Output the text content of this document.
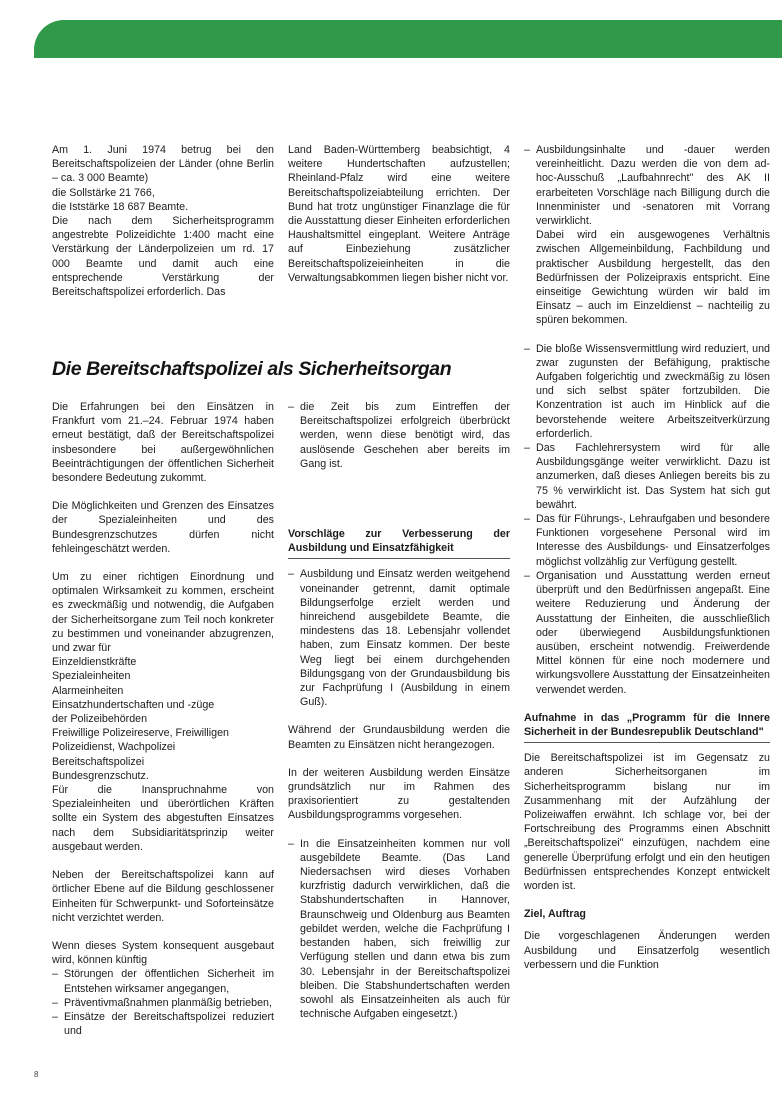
Am 1. Juni 1974 betrug bei den Bereitschaftspolizeien der Länder (ohne Berlin – ca. 3 000 Beamte)

die Sollstärke 21 766,
die Iststärke 18 687 Beamte.

Die nach dem Sicherheitsprogramm angestrebte Polizeidichte 1:400 macht eine Verstärkung der Länderpolizeien um rd. 17 000 Beamte und damit auch eine entsprechende Verstärkung der Bereitschaftspolizei erforderlich. Das

Land Baden-Württemberg beabsichtigt, 4 weitere Hundertschaften aufzustellen; Rheinland-Pfalz wird eine weitere Bereitschaftspolizeiabteilung errichten. Der Bund hat trotz ungünstiger Finanzlage die für die Ausstattung dieser Einheiten erforderlichen Haushaltsmittel eingeplant. Weitere Anträge auf Einbeziehung zusätzlicher Bereitschaftspolizeieinheiten in die Verwaltungsabkommen liegen bisher nicht vor.

Die Bereitschaftspolizei als Sicherheitsorgan

Die Erfahrungen bei den Einsätzen in Frankfurt vom 21.–24. Februar 1974 haben erneut bestätigt, daß der Bereitschaftspolizei insbesondere bei außergewöhnlichen Beeinträchtigungen der öffentlichen Sicherheit besondere Bedeutung zukommt.

Die Möglichkeiten und Grenzen des Einsatzes der Spezialeinheiten und des Bundesgrenzschutzes dürfen nicht fehleingeschätzt werden.

Um zu einer richtigen Einordnung und optimalen Wirksamkeit zu kommen, erscheint es zweckmäßig und notwendig, die Aufgaben der Sicherheitsorgane zum Teil noch konkreter zu bestimmen und voneinander abzugrenzen, und zwar für

Einzeldienstkräfte
Spezialeinheiten
Alarmeinheiten
Einsatzhundertschaften und -züge
der Polizeibehörden
Freiwillige Polizeireserve, Freiwilligen
Polizeidienst, Wachpolizei
Bereitschaftspolizei
Bundesgrenzschutz.

Für die Inanspruchnahme von Spezialeinheiten und überörtlichen Kräften sollte ein System des abgestuften Einsatzes nach dem Subsidiaritätsprinzip weiter ausgebaut werden.

Neben der Bereitschaftspolizei kann auf örtlicher Ebene auf die Bildung geschlossener Einheiten für Schwerpunkt- und Soforteinsätze nicht verzichtet werden.

Wenn dieses System konsequent ausgebaut wird, können künftig

– Störungen der öffentlichen Sicherheit im Entstehen wirksamer angegangen,
– Präventivmaßnahmen planmäßig betrieben,
– Einsätze der Bereitschaftspolizei reduziert und
– die Zeit bis zum Eintreffen der Bereitschaftspolizei erfolgreich überbrückt werden, wenn diese benötigt wird, das auslösende Geschehen aber bereits im Gang ist.
Vorschläge zur Verbesserung der Ausbildung und Einsatzfähigkeit
– Ausbildung und Einsatz werden weitgehend voneinander getrennt, damit optimale Bildungserfolge erzielt werden und hinreichend ausgebildete Beamte, die mindestens das 18. Lebensjahr vollendet haben, zum Einsatz kommen. Der beste Weg liegt bei einem durchgehenden Bildungsgang von der Grundausbildung bis zur Fachprüfung I (Ausbildung in einem Guß).

Während der Grundausbildung werden die Beamten zu Einsätzen nicht herangezogen.

In der weiteren Ausbildung werden Einsätze grundsätzlich nur im Rahmen des praxisorientiert zu gestaltenden Ausbildungsprogramms vorgesehen.

– In die Einsatzeinheiten kommen nur voll ausgebildete Beamte. (Das Land Niedersachsen wird dieses Vorhaben kurzfristig dadurch verwirklichen, daß die Stabshundertschaften in Hannover, Braunschweig und Oldenburg aus Beamten gebildet werden, welche die Fachprüfung I bestanden haben, sich freiwillig zur Verfügung stellen und dann etwa bis zum 30. Lebensjahr in der Bereitschaftspolizei bleiben. Die Stabshundertschaften werden sowohl als Einsatzeinheiten als auch für technische Aufgaben eingesetzt.)
– Ausbildungsinhalte und -dauer werden vereinheitlicht. Dazu werden die von dem ad-hoc-Ausschuß „Laufbahnrecht" des AK II erarbeiteten Vorschläge nach Billigung durch die Innenminister und -senatoren mit Vorrang verwirklicht.

Dabei wird ein ausgewogenes Verhältnis zwischen Allgemeinbildung, Fachbildung und praktischer Ausbildung hergestellt, das den Bedürfnissen der Polizeipraxis entspricht. Eine einseitige Gewichtung würden wir bald im Einsatz – auch im Einzeldienst – nachteilig zu spüren bekommen.

– Die bloße Wissensvermittlung wird reduziert, und zwar zugunsten der Befähigung, praktische Aufgaben folgerichtig und zweckmäßig zu lösen und sich selbst später fortzubilden. Die Konzentration ist auch im Hinblick auf die bevorstehende weitere Arbeitszeitverkürzung erforderlich.
– Das Fachlehrersystem wird für alle Ausbildungsgänge weiter verwirklicht. Dazu ist anzumerken, daß dieses Anliegen bereits bis zu 75 % verwirklicht ist. Das System hat sich gut bewährt.
– Das für Führungs-, Lehraufgaben und besondere Funktionen vorgesehene Personal wird im Interesse des Ausbildungs- und Einsatzerfolges möglichst vollzählig zur Verfügung gestellt.
– Organisation und Ausstattung werden erneut überprüft und den Bedürfnissen angepaßt. Eine weitere Reduzierung und Änderung der Ausstattung der Einheiten, die ausschließlich oder überwiegend Ausbildungsfunktionen ausüben, erscheint notwendig. Freiwerdende Mittel können für eine noch modernere und wirkungsvollere Ausstattung der Einsatzeinheiten verwendet werden.
Aufnahme in das „Programm für die Innere Sicherheit in der Bundesrepublik Deutschland"

Die Bereitschaftspolizei ist im Gegensatz zu anderen Sicherheitsorganen im Sicherheitsprogramm bislang nur im Zusammenhang mit der Aufzählung der Polizeiwaffen erwähnt. Ich schlage vor, bei der Fortschreibung des Programms einen Abschnitt „Bereitschaftspolizei" einzufügen, nachdem eine generelle Überprüfung erfolgt und ein den heutigen Bedürfnissen entsprechendes Konzept entwickelt worden ist.

Ziel, Auftrag

Die vorgeschlagenen Änderungen werden Ausbildung und Einsatzerfolg wesentlich verbessern und die Funktion

8
